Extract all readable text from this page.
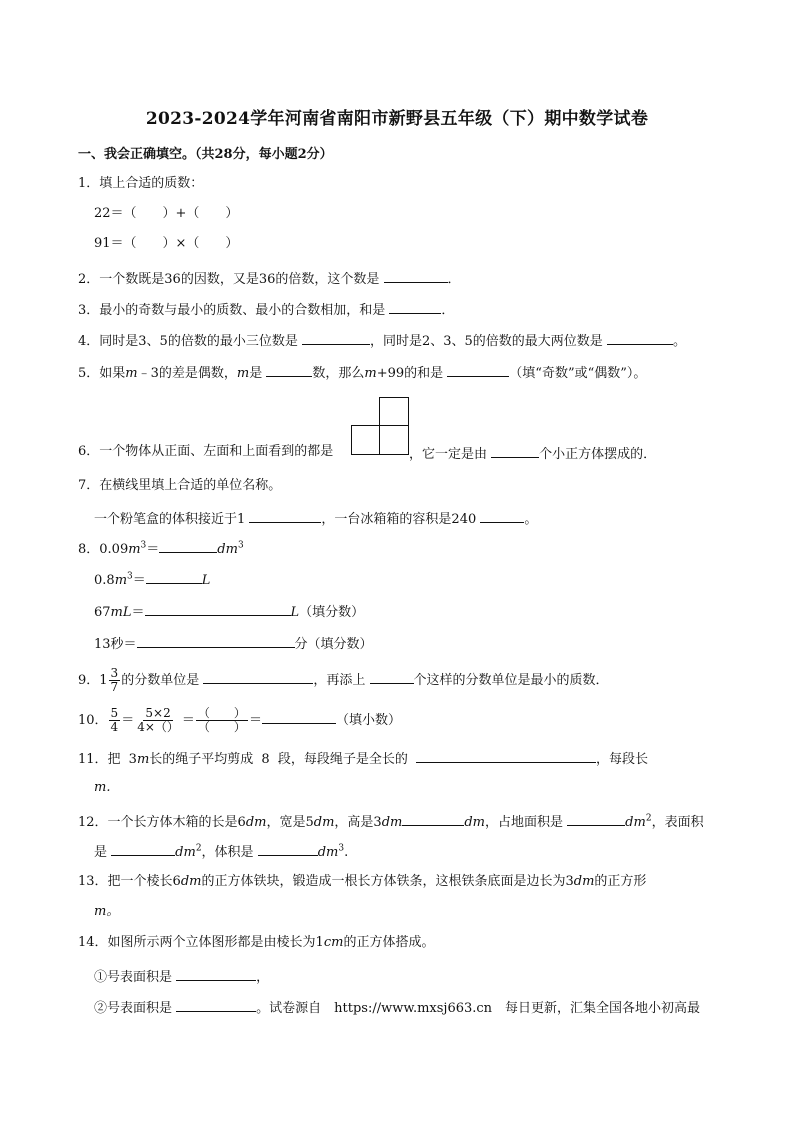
2023-2024学年河南省南阳市新野县五年级（下）期中数学试卷
一、我会正确填空。（共28分，每小题2分）
1．填上合适的质数：
22＝（　　）+（　　）
91＝（　　）×（　　）
2．一个数既是36的因数，又是36的倍数，这个数是	．
3．最小的奇数与最小的质数、最小的合数相加，和是	．
4．同时是3、5的倍数的最小三位数是	，同时是2、3、5的倍数的最大两位数是	。
5．如果m﹣3的差是偶数，m是	数，那么m+99的和是	（填“奇数”或“偶数”）。
6．一个物体从正面、左面和上面看到的都是	，它一定是由	个小正方体摆成的．
7．在横线里填上合适的单位名称。
一个粉笔盒的体积接近于1	，一台冰箱箱的容积是240	。
8．$0.09m^3=$	$dm^3$
$0.8m^3=$	L
67mL＝	L（填分数）
13秒＝	分（填分数）
9．$1 \frac{3}{7}$ 的分数单位是	，再添上	个这样的分数单位是最小的质数．
10． $\frac{5}{4} = \frac{5\times 2}{4\times()} = \frac{( )}{( )}$ ＝	（填小数）
11．把 3m长的绳子平均剪成 8 段，每段绳子是全长的	，每段长
m.
12．一个长方体木箱的长是6dm，宽是5dm，高是3dm	dm，占地面积是	$dm^2$，表面积
是	$dm^2$，体积是	$dm^3$.
13．把一个棱长6dm的正方体铁块，锻造成一根长方体铁条，这根铁条底面是边长为3dm的正方形
m。
14．如图所示两个立体图形都是由棱长为1cm的正方体搭成。
①号表面积是	，
②号表面积是	。试卷源自　https://www.mxsj663.cn　每日更新，汇集全国各地小初高最
